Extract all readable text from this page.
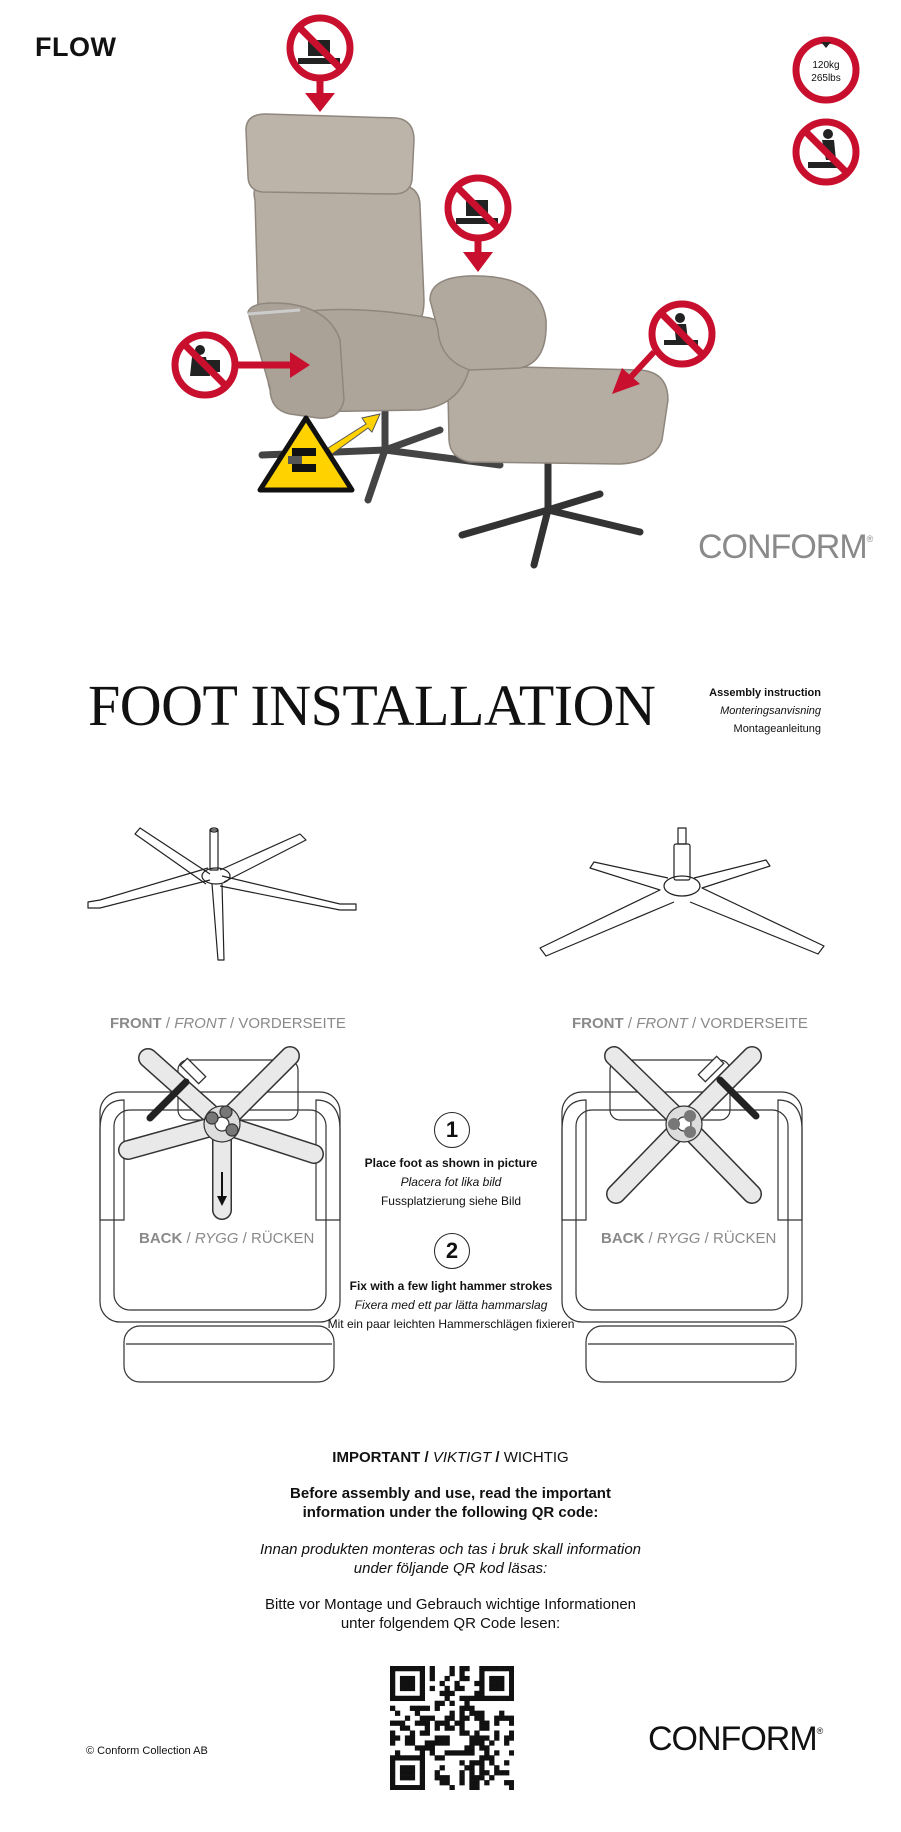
FLOW
120kg
265lbs
CONFORM®
FOOT INSTALLATION	Assembly instruction
Monteringsanvisning
Montageanleitung
FRONT / FRONT / VORDERSEITE	FRONT / FRONT / VORDERSEITE
BACK / RYGG / RÜCKEN	BACK / RYGG / RÜCKEN
1
Place foot as shown in picture
Placera fot lika bild
Fussplatzierung siehe Bild
2
Fix with a few light hammer strokes
Fixera med ett par lätta hammarslag
Mit ein paar leichten Hammerschlägen fixieren
IMPORTANT / VIKTIGT / WICHTIG
Before assembly and use, read the important information under the following QR code:
Innan produkten monteras och tas i bruk skall information under följande QR kod läsas:
Bitte vor Montage und Gebrauch wichtige Informationen unter folgendem QR Code lesen:
© Conform Collection AB	CONFORM®
